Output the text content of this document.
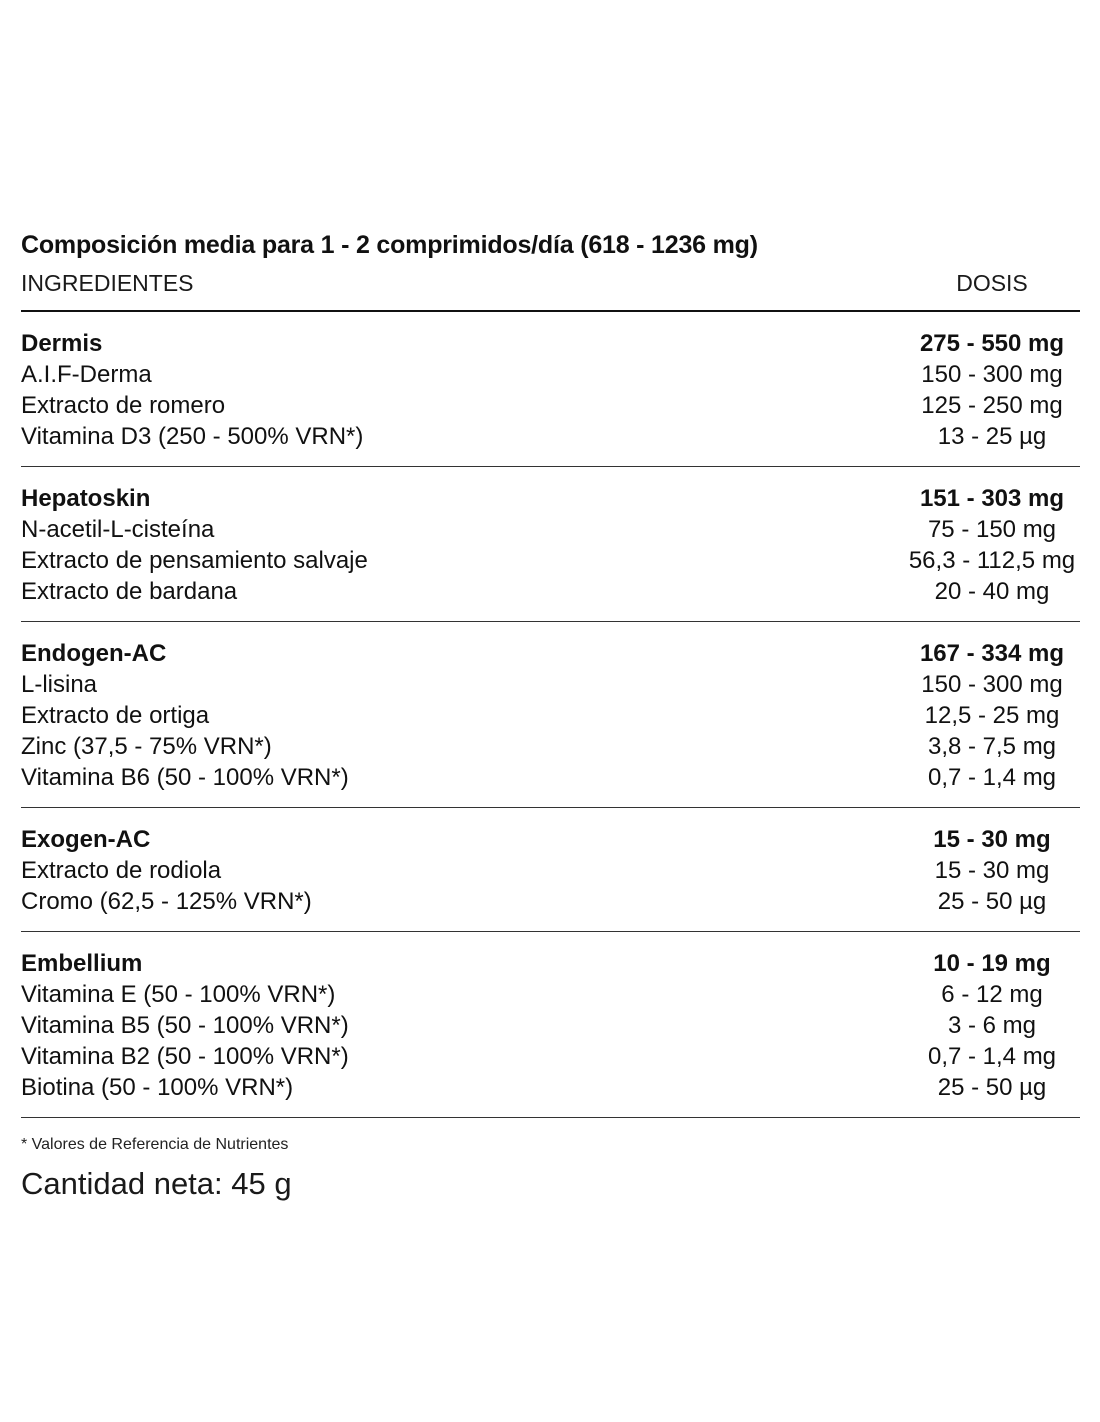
Composición media para 1 - 2 comprimidos/día (618 - 1236 mg)
INGREDIENTES	DOSIS
Dermis	275 - 550 mg
A.I.F-Derma	150 - 300 mg
Extracto de romero	125 - 250 mg
Vitamina D3 (250 - 500% VRN*)	13 - 25 µg
Hepatoskin	151 - 303 mg
N-acetil-L-cisteína	75 - 150 mg
Extracto de pensamiento salvaje	56,3 - 112,5 mg
Extracto de bardana	20 - 40 mg
Endogen-AC	167 - 334 mg
L-lisina	150 - 300 mg
Extracto de ortiga	12,5 - 25 mg
Zinc (37,5 - 75% VRN*)	3,8 - 7,5 mg
Vitamina B6 (50 - 100% VRN*)	0,7 - 1,4 mg
Exogen-AC	15 - 30 mg
Extracto de rodiola	15 - 30 mg
Cromo (62,5 - 125% VRN*)	25 - 50 µg
Embellium	10 - 19 mg
Vitamina E (50 - 100% VRN*)	6 - 12 mg
Vitamina B5 (50 - 100% VRN*)	3 - 6 mg
Vitamina B2 (50 - 100% VRN*)	0,7 - 1,4 mg
Biotina (50 - 100% VRN*)	25 - 50 µg
* Valores de Referencia de Nutrientes
Cantidad neta: 45 g
